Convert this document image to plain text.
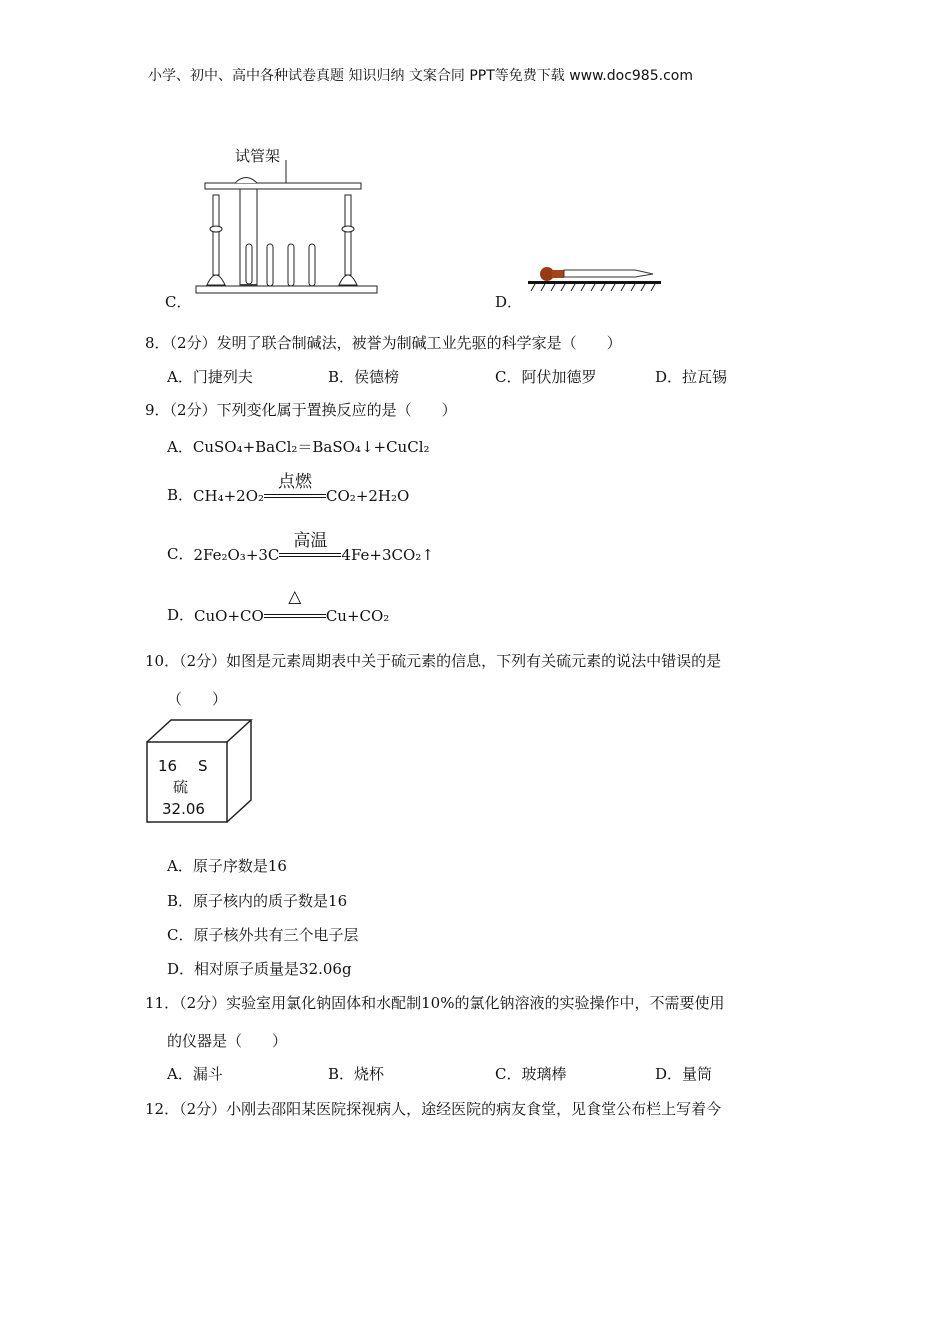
小学、初中、高中各种试卷真题 知识归纳 文案合同 PPT等免费下载 www.doc985.com
试管架
C．	D．
8．（2分）发明了联合制碱法，被誉为制碱工业先驱的科学家是（　　）
A．门捷列夫	B．侯德榜	C．阿伏加德罗	D．拉瓦锡
9．（2分）下列变化属于置换反应的是（　　）
A．CuSO₄+BaCl₂＝BaSO₄↓+CuCl₂
B． CH₄+2O₂
点燃
CO₂+2H₂O
C． 2Fe₂O₃+3C
高温
4Fe+3CO₂↑
D． CuO+CO
△
Cu+CO₂
10．（2分）如图是元素周期表中关于硫元素的信息，下列有关硫元素的说法中错误的是
（　　）
16 S
硫
32.06
A．原子序数是16
B．原子核内的质子数是16
C．原子核外共有三个电子层
D．相对原子质量是32.06g
11．（2分）实验室用氯化钠固体和水配制10%的氯化钠溶液的实验操作中，不需要使用
的仪器是（　　）
A．漏斗	B．烧杯	C．玻璃棒	D．量筒
12．（2分）小刚去邵阳某医院探视病人，途经医院的病友食堂，见食堂公布栏上写着今
